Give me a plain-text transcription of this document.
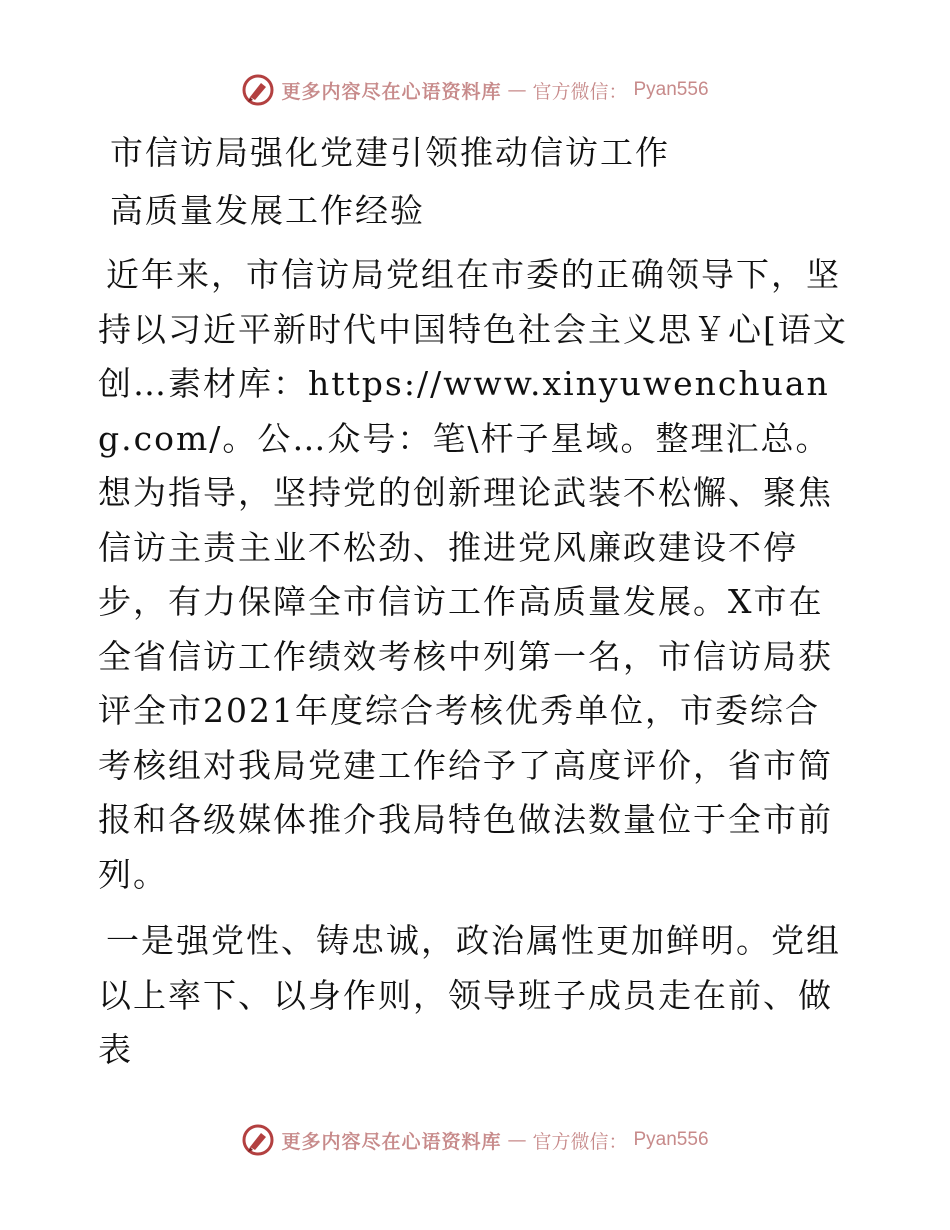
更多内容尽在心语资料库 — 官方微信： Pyan556

市信访局强化党建引领推动信访工作

高质量发展工作经验

近年来，市信访局党组在市委的正确领导下，坚持以习近平新时代中国特色社会主义思￥心[语文创…素材库：https://www.xinyuwenchuang.com/。公…众号：笔\杆子星域。整理汇总。想为指导，坚持党的创新理论武装不松懈、聚焦信访主责主业不松劲、推进党风廉政建设不停步，有力保障全市信访工作高质量发展。X市在全省信访工作绩效考核中列第一名，市信访局获评全市2021年度综合考核优秀单位，市委综合考核组对我局党建工作给予了高度评价，省市简报和各级媒体推介我局特色做法数量位于全市前列。

一是强党性、铸忠诚，政治属性更加鲜明。党组以上率下、以身作则，领导班子成员走在前、做表

更多内容尽在心语资料库 — 官方微信： Pyan556
